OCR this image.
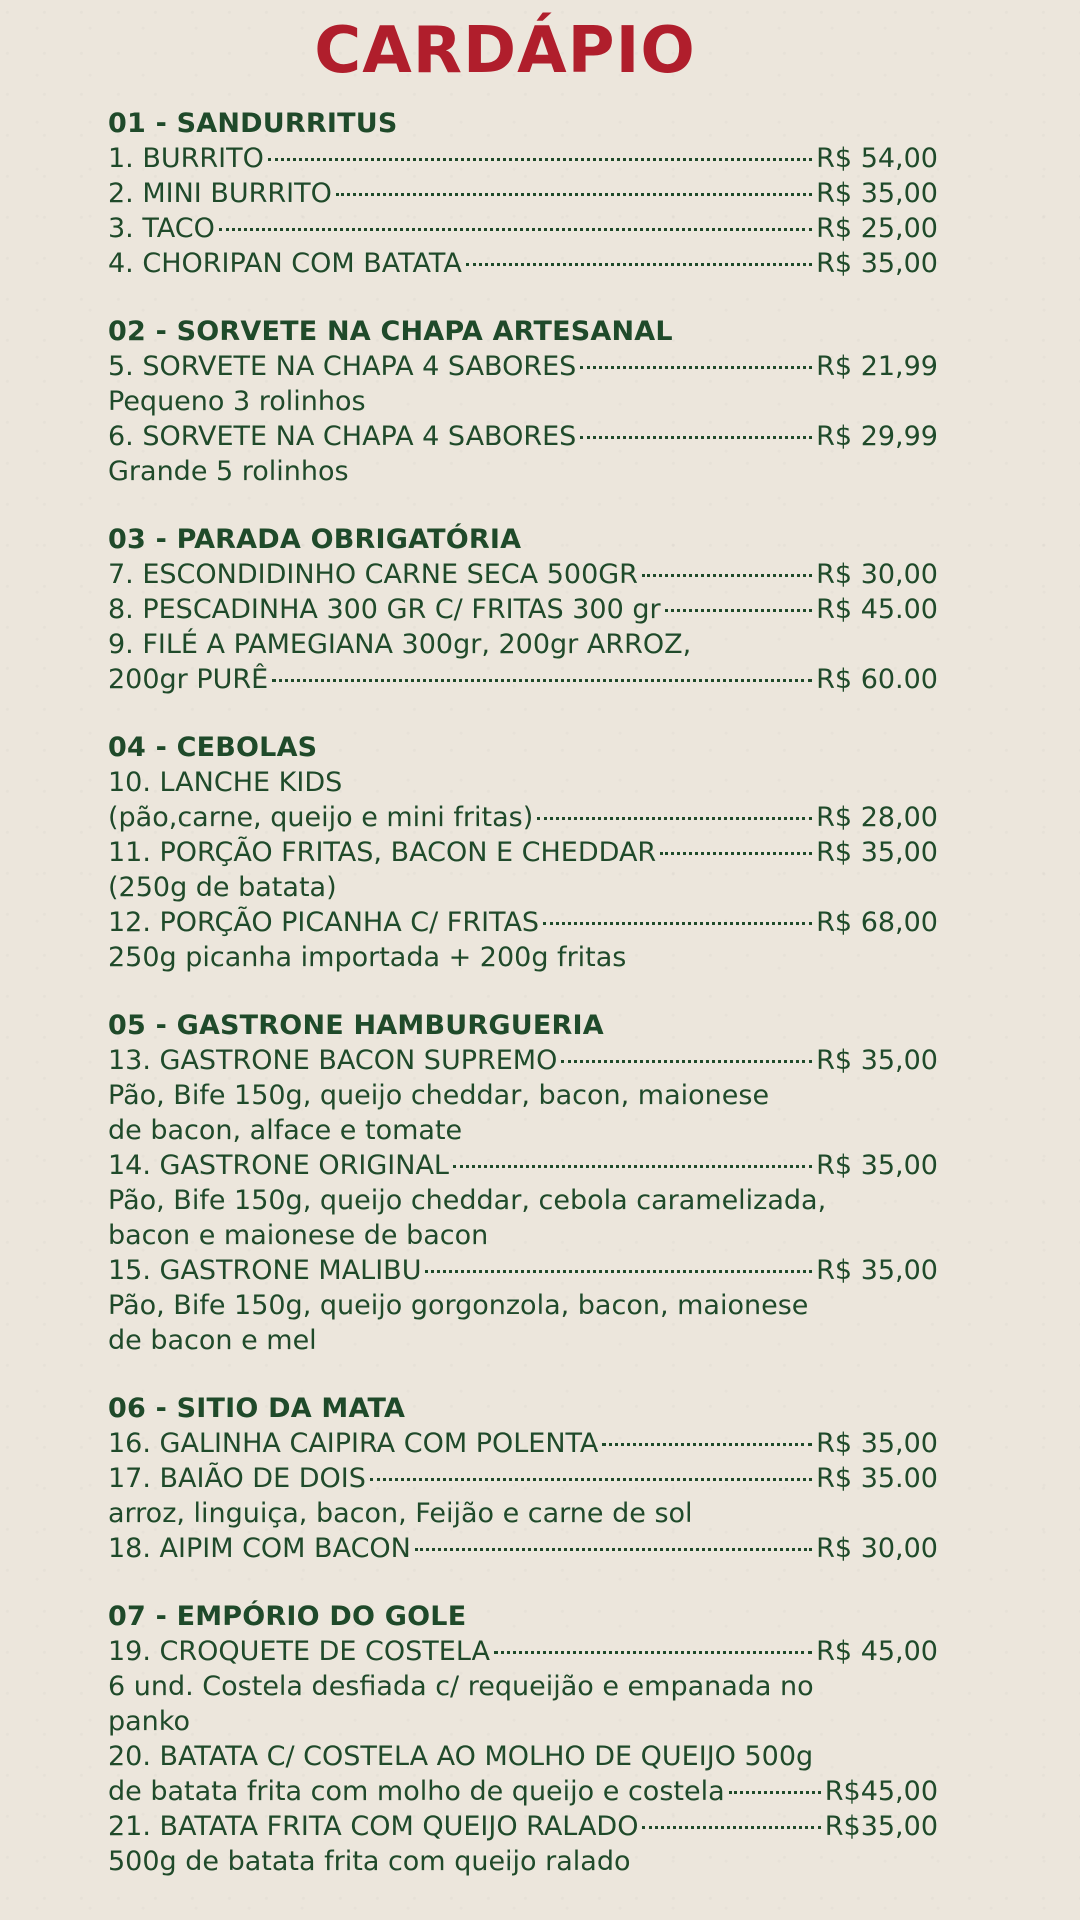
CARDÁPIO
01 - SANDURRITUS
1. BURRITO	R$ 54,00
2. MINI BURRITO	R$ 35,00
3. TACO	R$ 25,00
4. CHORIPAN COM BATATA	R$ 35,00
02 - SORVETE NA CHAPA ARTESANAL
5. SORVETE NA CHAPA 4 SABORES	R$ 21,99
Pequeno 3 rolinhos
6. SORVETE NA CHAPA 4 SABORES	R$ 29,99
Grande 5 rolinhos
03 - PARADA OBRIGATÓRIA
7. ESCONDIDINHO CARNE SECA 500GR	R$ 30,00
8. PESCADINHA 300 GR C/ FRITAS 300 gr	R$ 45.00
9. FILÉ A PAMEGIANA 300gr, 200gr ARROZ,
200gr PURÊ	R$ 60.00
04 - CEBOLAS
10. LANCHE KIDS
(pão,carne, queijo e mini fritas)	R$ 28,00
11. PORÇÃO FRITAS, BACON E CHEDDAR	R$ 35,00
(250g de batata)
12. PORÇÃO PICANHA C/ FRITAS	R$ 68,00
250g picanha importada + 200g fritas
05 - GASTRONE HAMBURGUERIA
13. GASTRONE BACON SUPREMO	R$ 35,00
Pão, Bife 150g, queijo cheddar, bacon, maionese
de bacon, alface e tomate
14. GASTRONE ORIGINAL	R$ 35,00
Pão, Bife 150g, queijo cheddar, cebola caramelizada,
bacon e maionese de bacon
15. GASTRONE MALIBU	R$ 35,00
Pão, Bife 150g, queijo gorgonzola, bacon, maionese
de bacon e mel
06 - SITIO DA MATA
16. GALINHA CAIPIRA COM POLENTA	R$ 35,00
17. BAIÃO DE DOIS	R$ 35.00
arroz, linguiça, bacon, Feijão e carne de sol
18. AIPIM COM BACON	R$ 30,00
07 - EMPÓRIO DO GOLE
19. CROQUETE DE COSTELA	R$ 45,00
6 und. Costela desfiada c/ requeijão e empanada no
panko
20. BATATA C/ COSTELA AO MOLHO DE QUEIJO 500g
de batata frita com molho de queijo e costela	R$45,00
21. BATATA FRITA COM QUEIJO RALADO	R$35,00
500g de batata frita com queijo ralado
